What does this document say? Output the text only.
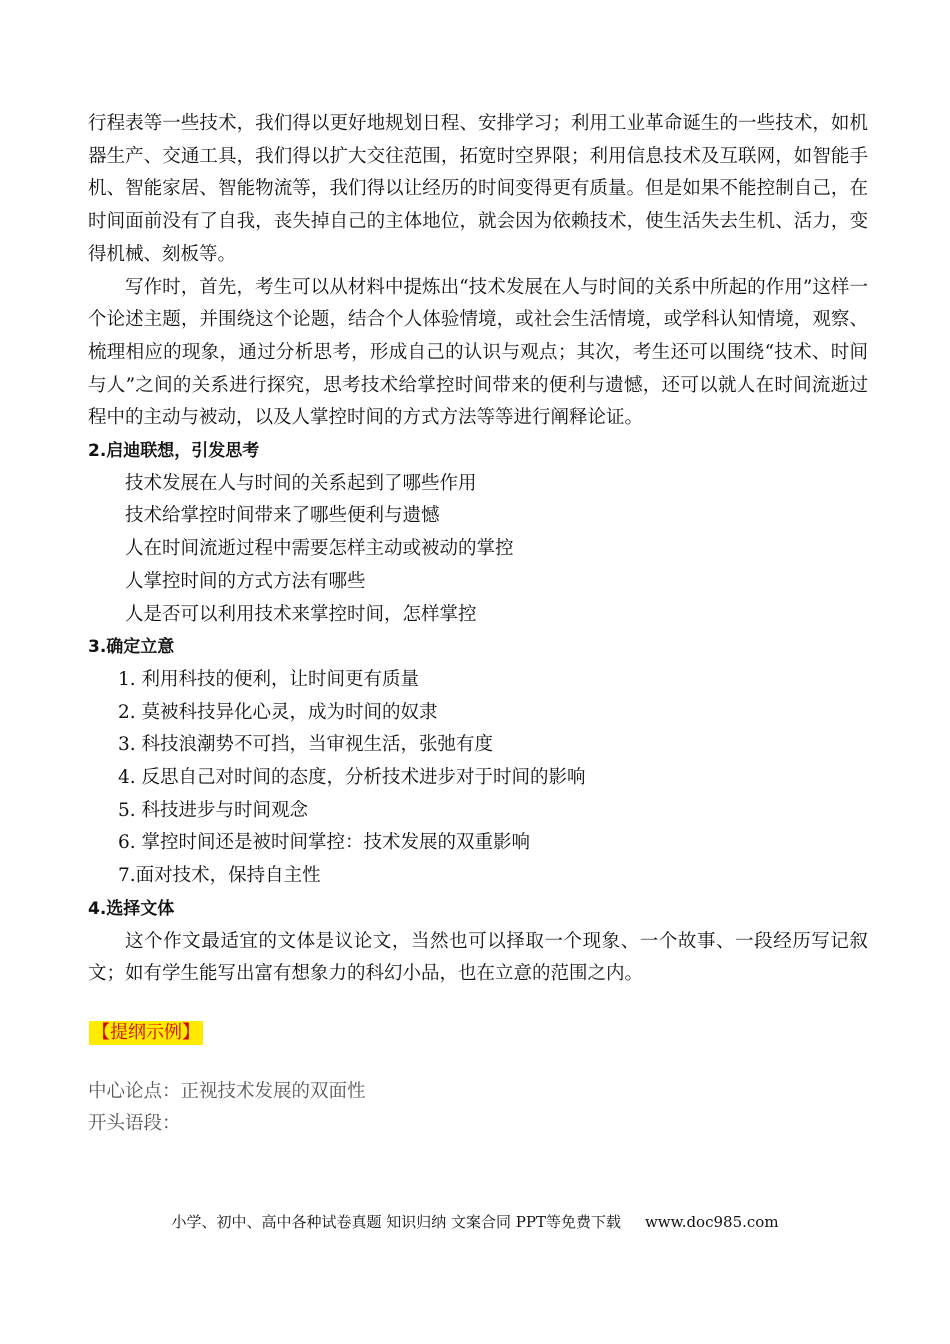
行程表等一些技术，我们得以更好地规划日程、安排学习；利用工业革命诞生的一些技术，如机器生产、交通工具，我们得以扩大交往范围，拓宽时空界限；利用信息技术及互联网，如智能手机、智能家居、智能物流等，我们得以让经历的时间变得更有质量。但是如果不能控制自己，在时间面前没有了自我，丧失掉自己的主体地位，就会因为依赖技术，使生活失去生机、活力，变得机械、刻板等。

写作时，首先，考生可以从材料中提炼出“技术发展在人与时间的关系中所起的作用”这样一个论述主题，并围绕这个论题，结合个人体验情境，或社会生活情境，或学科认知情境，观察、梳理相应的现象，通过分析思考，形成自己的认识与观点；其次，考生还可以围绕“技术、时间与人”之间的关系进行探究，思考技术给掌控时间带来的便利与遗憾，还可以就人在时间流逝过程中的主动与被动，以及人掌控时间的方式方法等等进行阐释论证。

2.启迪联想，引发思考

技术发展在人与时间的关系起到了哪些作用

技术给掌控时间带来了哪些便利与遗憾

人在时间流逝过程中需要怎样主动或被动的掌控

人掌控时间的方式方法有哪些

人是否可以利用技术来掌控时间，怎样掌控

3.确定立意

1. 利用科技的便利，让时间更有质量

2. 莫被科技异化心灵，成为时间的奴隶

3. 科技浪潮势不可挡，当审视生活，张弛有度

4. 反思自己对时间的态度，分析技术进步对于时间的影响

5. 科技进步与时间观念

6. 掌控时间还是被时间掌控：技术发展的双重影响

7.面对技术，保持自主性

4.选择文体

这个作文最适宜的文体是议论文，当然也可以择取一个现象、一个故事、一段经历写记叙文；如有学生能写出富有想象力的科幻小品，也在立意的范围之内。

【提纲示例】

中心论点：正视技术发展的双面性

开头语段：

小学、初中、高中各种试卷真题 知识归纳 文案合同 PPT等免费下载 www.doc985.com
